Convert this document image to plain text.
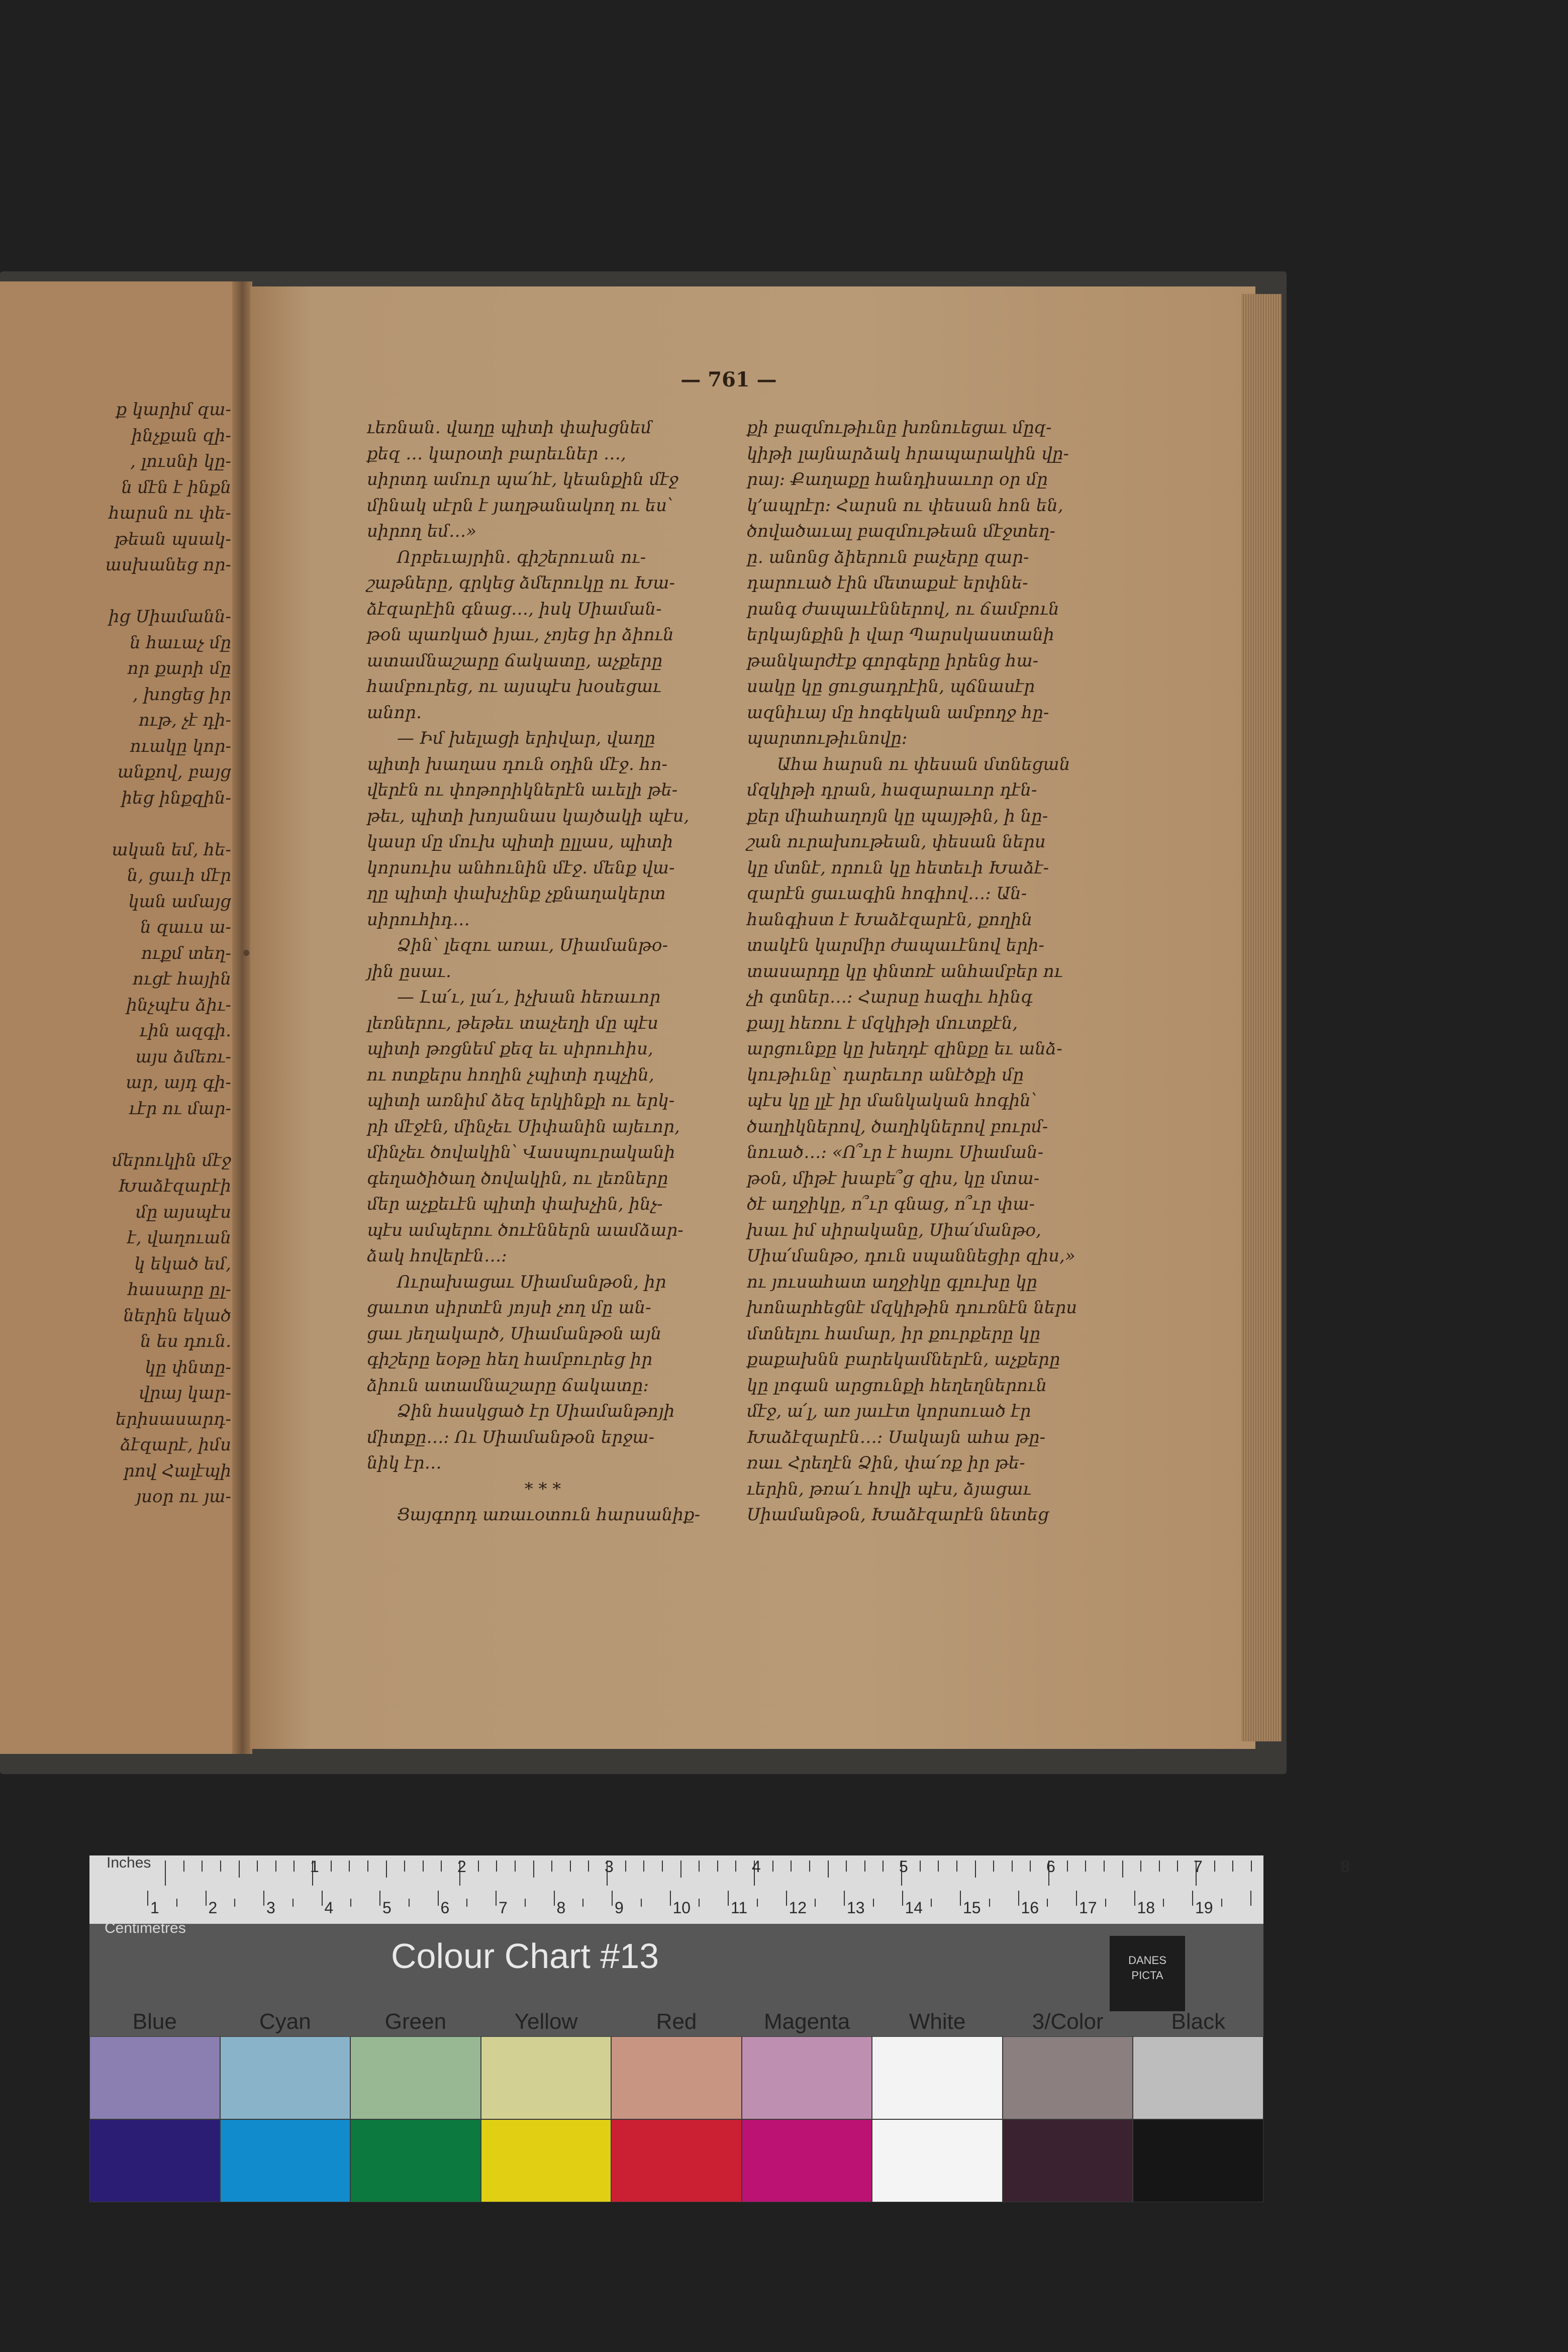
ք կարիմ զա-
ինչքան զի-
, լուսնի կը-
ն մէն է ինքն
հարսն ու փե-
թեան պսակ-
ասխանեց որ-
ից Սիամանն-
ն հաւաչ մը
որ քարի մը
, խոցեց իր
ութ, չէ դի-
ուակը կոր-
անքով, բայց
իեց ինքզին-
ական եմ, հե-
ն, ցաւի մէր
կան ամայց
ն զաւս ա-
ուքմ տեղ-
ուցէ հային
ինչպէս ձիւ-
ւին ազգի.
այս ձմեռւ-
ար, այդ գի-
ւէր ու մար-
մերուկին մէջ
Խաձէզարէի
մը այսպէս
է, վաղուան
կ եկած եմ,
հասարը ըլ-
ներին եկած
ն ես դուն.
կը փնտը-
վրայ կար-
երիսասարդ-
ձէզարէ, իմս
րով Հալէպի
յսօր ու յա-
— 761 —
ւեռնան․ վաղը պիտի փախցնեմ
քեզ ․․․ կարօտի բարեւներ ․․․,
սիրտդ ամուր պա՛հէ, կեանքին մէջ
մինակ սէրն է յաղթանակող ու ես՝
սիրող եմ․․․»
Որբեւայրին․ գիշերուան ու-
շաթները, գրկեց ձմերուկը ու Խա-
ձէզարէին գնաց․․․, իսկ Սիաման-
թօն պառկած իյաւ, չոյեց իր ձիուն
ատամնաշարը ճակատը, աչքերը
համբուրեց, ու այսպէս խօսեցաւ
անոր․
— Իմ խելացի երիվար, վաղը
պիտի խաղաս դուն օդին մէջ․ հո-
վերէն ու փոթորիկներէն աւելի թե-
թեւ, պիտի խոյանաս կայծակի պէս,
կասր մը մուխ պիտի ըլլաս, պիտի
կորսուիս անհունին մէջ․ մենք վա-
ղը պիտի փախչինք չքնաղակերտ
սիրուհիդ․․․
Ձին՝ լեզու առաւ, Սիամանթօ-
յին ըսաւ․
— Լա՛ւ, լա՛ւ, իչխան հեռաւոր
լեռներու, թեթեւ տաչեղի մը պէս
պիտի թռցնեմ քեզ եւ սիրուհիս,
ու ոտքերս հողին չպիտի դպչին,
պիտի առնիմ ձեզ երկինքի ու երկ-
րի մէջէն, մինչեւ Սիփանին այեւոր,
մինչեւ ծովակին՝ Վասպուրականի
գեղածիծաղ ծովակին, ու լեռները
մեր աչքեւէն պիտի փախչին, ինչ-
պէս ամպերու ծուէններն աամձար-
ձակ հովերէն․․․։
Ուրախացաւ Սիամանթօն, իր
ցաւոտ սիրտէն յոյսի չող մը ան-
ցաւ յեղակարծ, Սիամանթօն այն
գիշերը եօթը հեղ համբուրեց իր
ձիուն ատամնաշարը ճակատը։
Ձին հասկցած էր Սիամանթոյի
միտքը․․․։ Ու Սիամանթօն երջա-
նիկ էր․․․
* * *
Ցայգորդ առաւօտուն հարսանիք-
քի բազմութիւնը խռնուեցաւ մըզ-
կիթի լայնարձակ հրապարակին վը-
րայ։ Քաղաքը հանդիսաւոր օր մը
կ՚ապրէր։ Հարսն ու փեսան հոն են,
ծովածաւալ բազմութեան մէջտեղ-
ը․ անոնց ձիերուն բաչերը զար-
դարուած էին մետաքսէ երփնե-
րանգ ժապաւէններով, ու ճամբուն
երկայնքին ի վար Պարսկաստանի
թանկարժէք գորգերը իրենց հա-
սակը կը ցուցադրէին, պճնասէր
ազնիւայ մը հոգեկան ամբողջ հը-
պարտութիւնովը։
Ահա հարսն ու փեսան մտնեցան
մզկիթի դրան, հազարաւոր դէն-
քեր միահաղոյն կը պայթին, ի նը-
շան ուրախութեան, փեսան ներս
կը մտնէ, որուն կը հետեւի Խաձէ-
զարէն ցաւագին հոգիով․․․։ Ան-
հանգիստ է Խաձէզարէն, քողին
տակէն կարմիր ժապաւէնով երի-
տասարդը կը փնտռէ անհամբեր ու
չի գտներ․․․։ Հարսը հազիւ հինգ
քայլ հեռու է մզկիթի մուտքէն,
արցունքը կը խեղդէ զինքը եւ անձ-
կութիւնը՝ դարեւոր անէծքի մը
պէս կը լլէ իր մանկական հոգին՝
ծաղիկներով, ծաղիկներով բուրմ-
նուած․․․։ «Ո՞ւր է հայու Սիաման-
թօն, միթէ խաբե՞ց զիս, կը մտա-
ծէ աղջիկը, ո՞ւր գնաց, ո՞ւր փա-
խաւ իմ սիրականը, Սիա՛մանթօ,
Սիա՛մանթօ, դուն սպաննեցիր զիս,»
ու յուսահատ աղջիկը գլուխը կը
խոնարհեցնէ մզկիթին դուռնէն ներս
մտնելու համար, իր քուրքերը կը
քաքախնն բարեկամներէն, աչքերը
կը լոգան արցունքի հեղեղներուն
մէջ, ա՛լ, առ յաւէտ կորսուած էր
Խաձէզարէն․․․։ Սակայն ահա թը-
ռաւ Հրեղէն Ձին, փա՛ռք իր թե-
ւերին, թռա՛ւ հովի պէս, ձյացաւ
Սիամանթօն, Խաձէզարէն նետեց
Inches	1	2	3	4	5	6	7	8
1	2	3	4	5	6	7	8	9	10 11	12 13 14 15 16 17 18 19
Centimetres
Colour Chart #13	DANES
PICTA
Blue	Cyan	Green	Yellow	Red	Magenta	White	3/Color	Black
